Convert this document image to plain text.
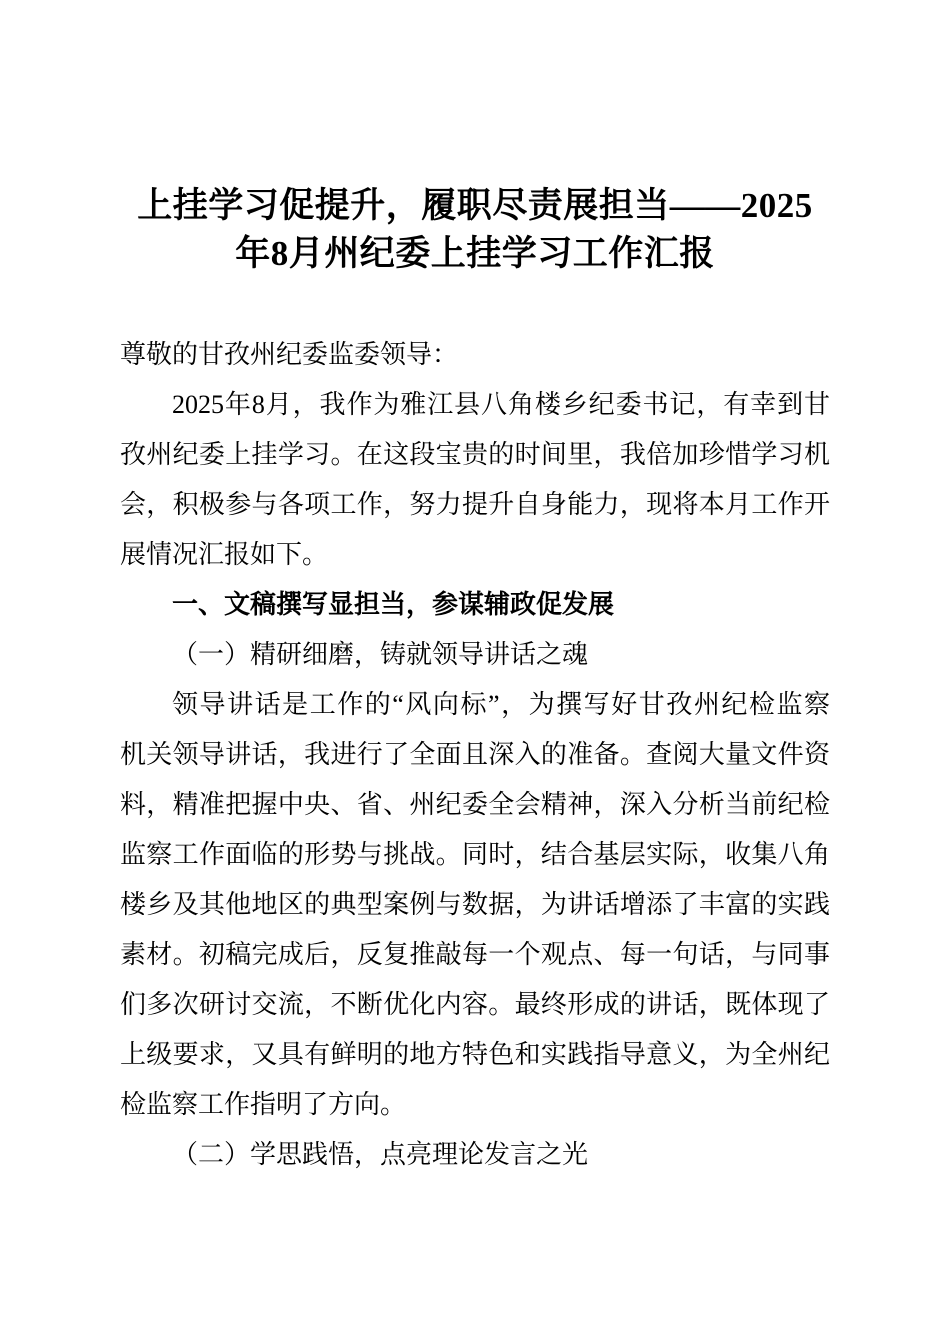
上挂学习促提升，履职尽责展担当——2025
年8月州纪委上挂学习工作汇报
尊敬的甘孜州纪委监委领导：
2025年8月，我作为雅江县八角楼乡纪委书记，有幸到甘
孜州纪委上挂学习。在这段宝贵的时间里，我倍加珍惜学习机
会，积极参与各项工作，努力提升自身能力，现将本月工作开
展情况汇报如下。
一、文稿撰写显担当，参谋辅政促发展
（一）精研细磨，铸就领导讲话之魂
领导讲话是工作的“风向标”，为撰写好甘孜州纪检监察
机关领导讲话，我进行了全面且深入的准备。查阅大量文件资
料，精准把握中央、省、州纪委全会精神，深入分析当前纪检
监察工作面临的形势与挑战。同时，结合基层实际，收集八角
楼乡及其他地区的典型案例与数据，为讲话增添了丰富的实践
素材。初稿完成后，反复推敲每一个观点、每一句话，与同事
们多次研讨交流，不断优化内容。最终形成的讲话，既体现了
上级要求，又具有鲜明的地方特色和实践指导意义，为全州纪
检监察工作指明了方向。
（二）学思践悟，点亮理论发言之光
